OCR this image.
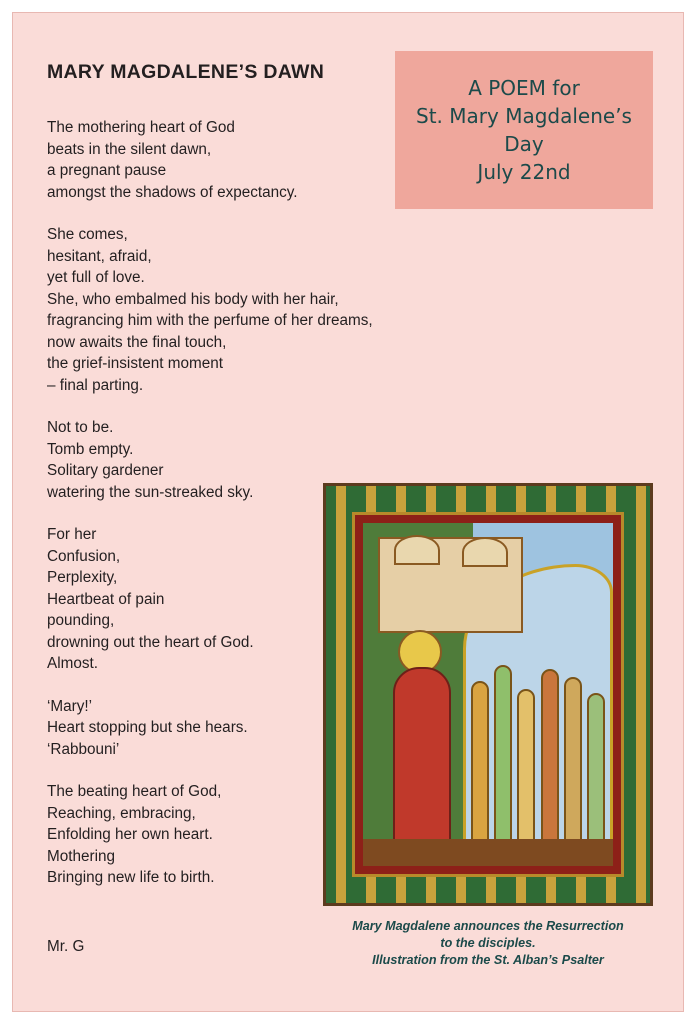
MARY MAGDALENE’S DAWN
A POEM for
St. Mary Magdalene’s
Day
July 22nd
The mothering heart of God
beats in the silent dawn,
a pregnant pause
amongst the shadows of expectancy.
She comes,
hesitant, afraid,
yet full of love.
She, who embalmed his body with her hair,
fragrancing him with the perfume of her dreams,
now awaits the final touch,
the grief-insistent moment
– final parting.
Not to be.
Tomb empty.
Solitary gardener
watering the sun-streaked sky.
For her
Confusion,
Perplexity,
Heartbeat of pain
pounding,
drowning out the heart of God.
Almost.
‘Mary!’
Heart stopping but she hears.
‘Rabbouni’
The beating heart of God,
Reaching, embracing,
Enfolding her own heart.
Mothering
Bringing new life to birth.
Mr. G
Mary Magdalene announces the Resurrection
to the disciples.
Illustration from the St. Alban’s Psalter
